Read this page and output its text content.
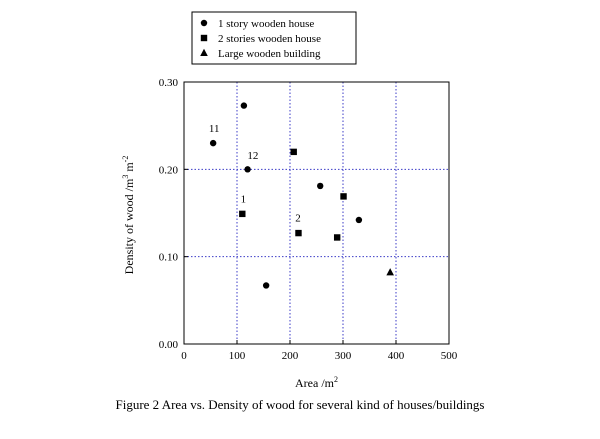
0	100	200	300	400	500
0.00
0.10
0.20
0.30
Area $/m^2$
Density of wood $/m^3$ $m^{-2}$
11
12
1
2
1 story wooden house
2 stories wooden house
Large wooden building
Figure 2 Area vs. Density of wood for several kind of houses/buildings
